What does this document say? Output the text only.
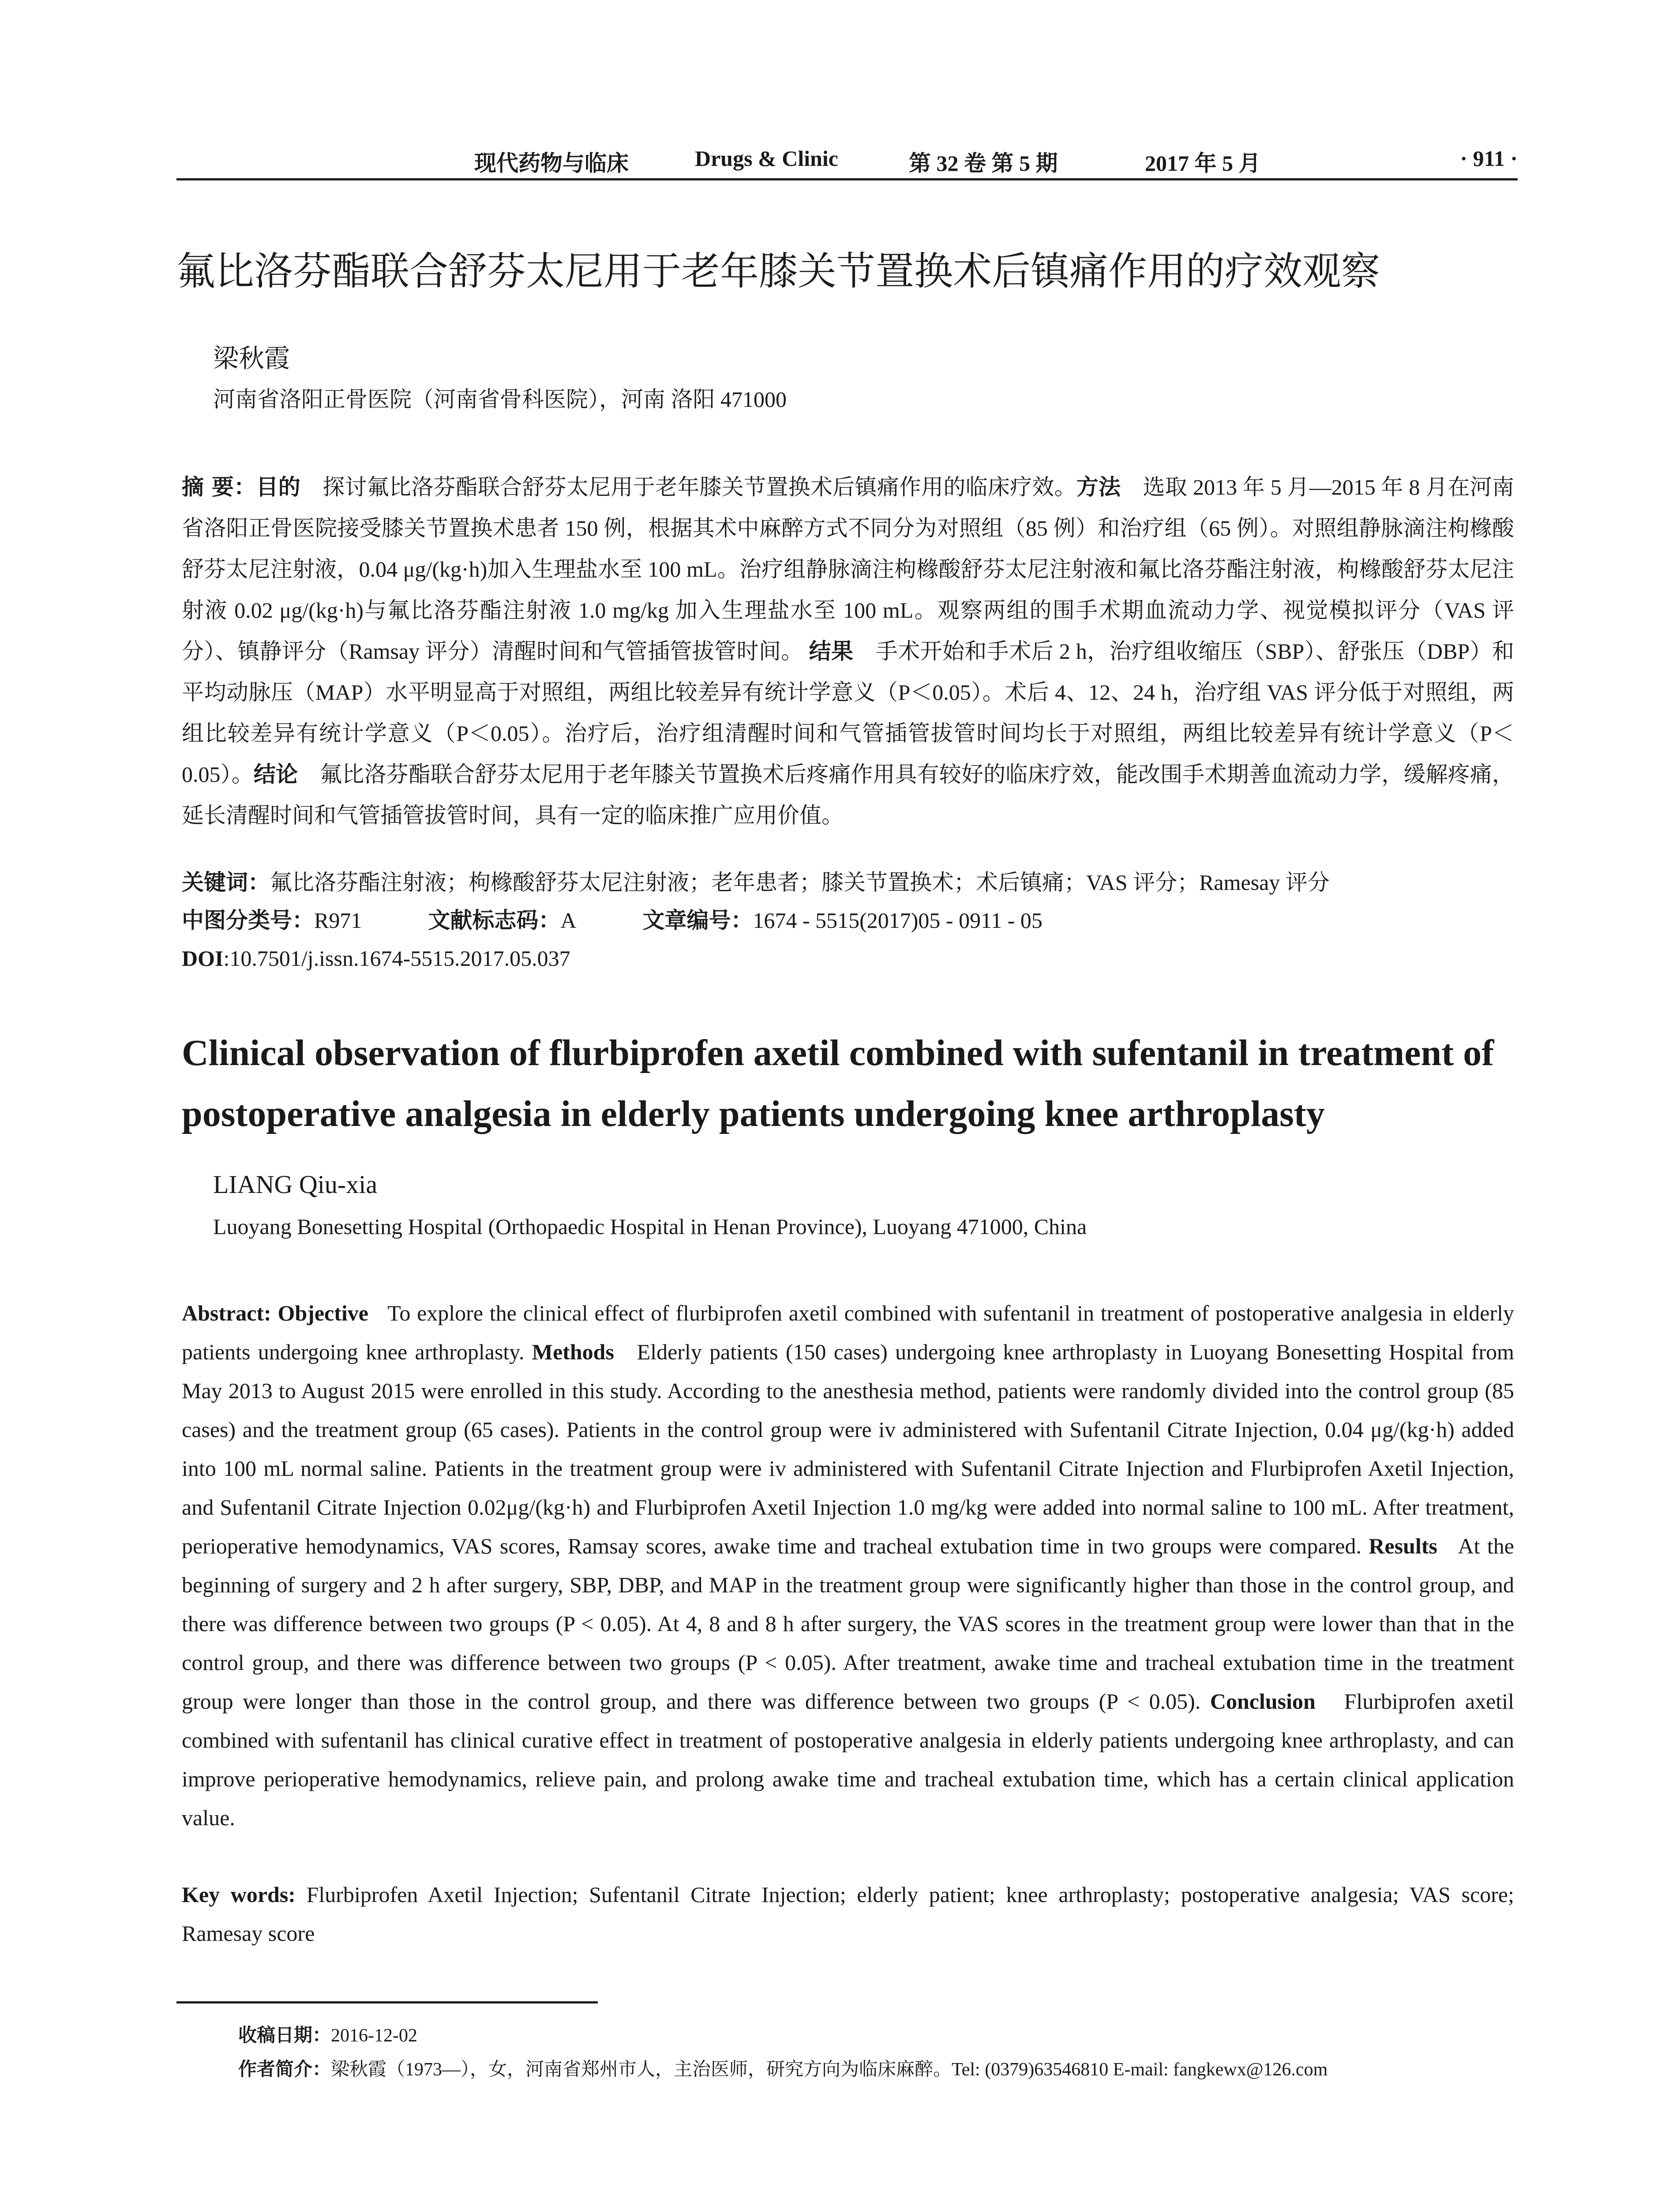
现代药物与临床	Drugs & Clinic	第 32 卷 第 5 期	2017 年 5 月	· 911 ·
氟比洛芬酯联合舒芬太尼用于老年膝关节置换术后镇痛作用的疗效观察
梁秋霞
河南省洛阳正骨医院（河南省骨科医院），河南 洛阳 471000
摘 要：目的 探讨氟比洛芬酯联合舒芬太尼用于老年膝关节置换术后镇痛作用的临床疗效。方法 选取 2013 年 5 月—2015 年 8 月在河南省洛阳正骨医院接受膝关节置换术患者 150 例，根据其术中麻醉方式不同分为对照组（85 例）和治疗组（65 例）。对照组静脉滴注枸橼酸舒芬太尼注射液，0.04 μg/(kg·h)加入生理盐水至 100 mL。治疗组静脉滴注枸橼酸舒芬太尼注射液和氟比洛芬酯注射液，枸橼酸舒芬太尼注射液 0.02 μg/(kg·h)与氟比洛芬酯注射液 1.0 mg/kg 加入生理盐水至 100 mL。观察两组的围手术期血流动力学、视觉模拟评分（VAS 评分）、镇静评分（Ramsay 评分）清醒时间和气管插管拔管时间。 结果 手术开始和手术后 2 h，治疗组收缩压（SBP）、舒张压（DBP）和平均动脉压（MAP）水平明显高于对照组，两组比较差异有统计学意义（P＜0.05）。术后 4、12、24 h，治疗组 VAS 评分低于对照组，两组比较差异有统计学意义（P＜0.05）。治疗后，治疗组清醒时间和气管插管拔管时间均长于对照组，两组比较差异有统计学意义（P＜0.05）。结论 氟比洛芬酯联合舒芬太尼用于老年膝关节置换术后疼痛作用具有较好的临床疗效，能改围手术期善血流动力学，缓解疼痛，延长清醒时间和气管插管拔管时间，具有一定的临床推广应用价值。
关键词：氟比洛芬酯注射液；枸橼酸舒芬太尼注射液；老年患者；膝关节置换术；术后镇痛；VAS 评分；Ramesay 评分
中图分类号：R971	文献标志码：A	文章编号：1674 - 5515(2017)05 - 0911 - 05
DOI:10.7501/j.issn.1674-5515.2017.05.037
Clinical observation of flurbiprofen axetil combined with sufentanil in treatment of postoperative analgesia in elderly patients undergoing knee arthroplasty
LIANG Qiu-xia
Luoyang Bonesetting Hospital (Orthopaedic Hospital in Henan Province), Luoyang 471000, China
Abstract: Objective To explore the clinical effect of flurbiprofen axetil combined with sufentanil in treatment of postoperative analgesia in elderly patients undergoing knee arthroplasty. Methods Elderly patients (150 cases) undergoing knee arthroplasty in Luoyang Bonesetting Hospital from May 2013 to August 2015 were enrolled in this study. According to the anesthesia method, patients were randomly divided into the control group (85 cases) and the treatment group (65 cases). Patients in the control group were iv administered with Sufentanil Citrate Injection, 0.04 μg/(kg·h) added into 100 mL normal saline. Patients in the treatment group were iv administered with Sufentanil Citrate Injection and Flurbiprofen Axetil Injection, and Sufentanil Citrate Injection 0.02μg/(kg·h) and Flurbiprofen Axetil Injection 1.0 mg/kg were added into normal saline to 100 mL. After treatment, perioperative hemodynamics, VAS scores, Ramsay scores, awake time and tracheal extubation time in two groups were compared. Results At the beginning of surgery and 2 h after surgery, SBP, DBP, and MAP in the treatment group were significantly higher than those in the control group, and there was difference between two groups (P < 0.05). At 4, 8 and 8 h after surgery, the VAS scores in the treatment group were lower than that in the control group, and there was difference between two groups (P < 0.05). After treatment, awake time and tracheal extubation time in the treatment group were longer than those in the control group, and there was difference between two groups (P < 0.05). Conclusion Flurbiprofen axetil combined with sufentanil has clinical curative effect in treatment of postoperative analgesia in elderly patients undergoing knee arthroplasty, and can improve perioperative hemodynamics, relieve pain, and prolong awake time and tracheal extubation time, which has a certain clinical application value.
Key words: Flurbiprofen Axetil Injection; Sufentanil Citrate Injection; elderly patient; knee arthroplasty; postoperative analgesia; VAS score; Ramesay score
收稿日期：2016-12-02
作者简介：梁秋霞（1973—），女，河南省郑州市人，主治医师，研究方向为临床麻醉。Tel: (0379)63546810 E-mail: fangkewx@126.com
